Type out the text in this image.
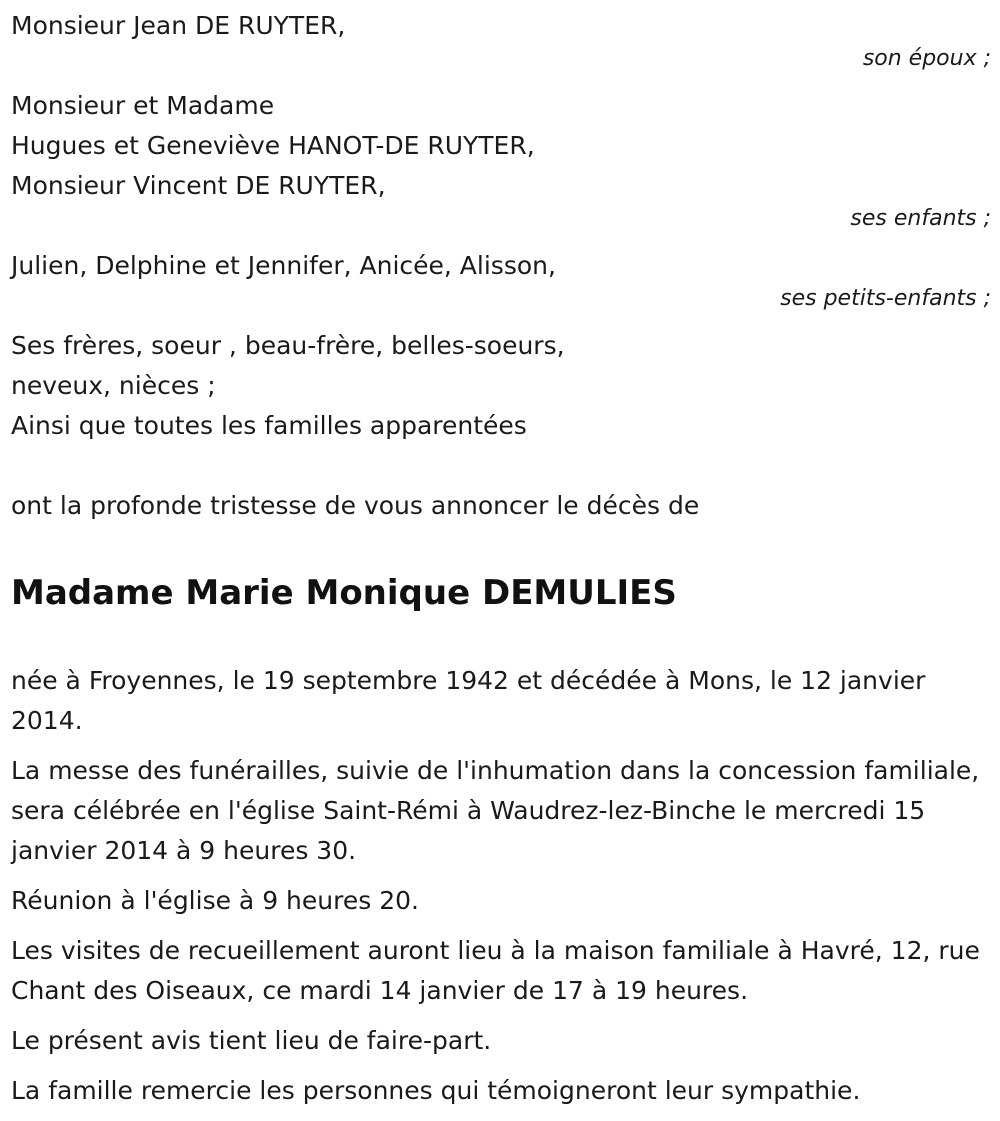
Monsieur Jean DE RUYTER,
son époux ;
Monsieur et Madame
Hugues et Geneviève HANOT-DE RUYTER,
Monsieur Vincent DE RUYTER,
ses enfants ;
Julien, Delphine et Jennifer, Anicée, Alisson,
ses petits-enfants ;
Ses frères, soeur , beau-frère, belles-soeurs,
neveux, nièces ;
Ainsi que toutes les familles apparentées
ont la profonde tristesse de vous annoncer le décès de
Madame Marie Monique DEMULIES
née à Froyennes, le 19 septembre 1942 et décédée à Mons, le 12 janvier 2014.
La messe des funérailles, suivie de l'inhumation dans la concession familiale, sera célébrée en l'église Saint-Rémi à Waudrez-lez-Binche le mercredi 15 janvier 2014 à 9 heures 30.
Réunion à l'église à 9 heures 20.
Les visites de recueillement auront lieu à la maison familiale à Havré, 12, rue Chant des Oiseaux, ce mardi 14 janvier de 17 à 19 heures.
Le présent avis tient lieu de faire-part.
La famille remercie les personnes qui témoigneront leur sympathie.
